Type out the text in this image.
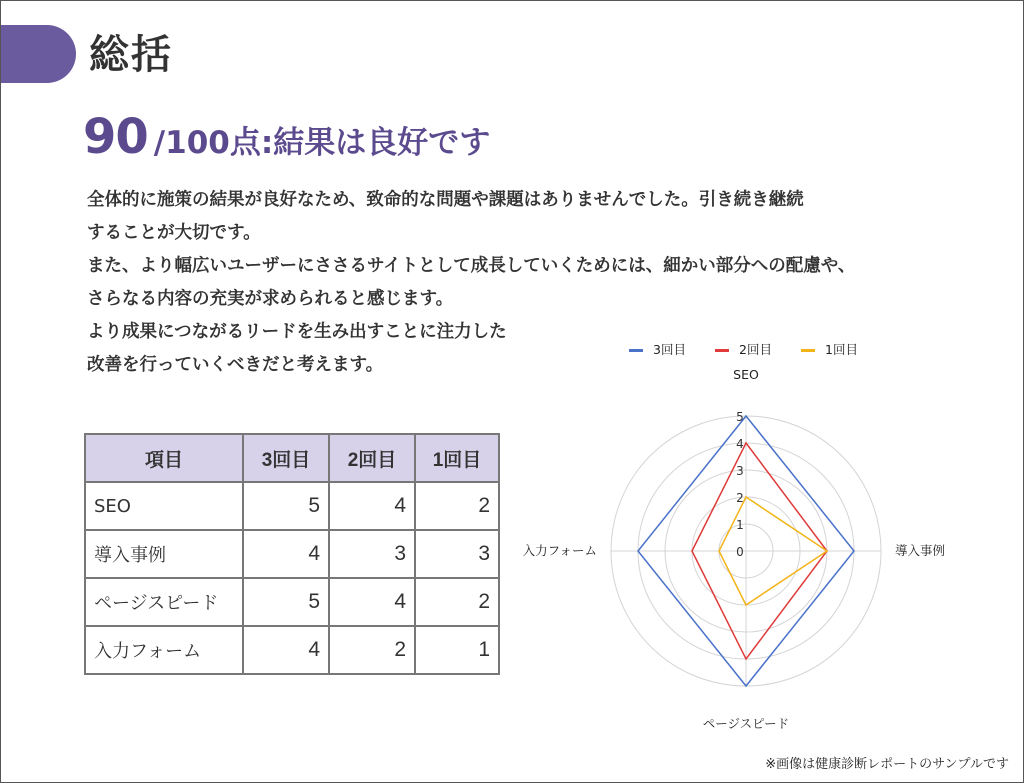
総括
90 /100点:結果は良好です

全体的に施策の結果が良好なため、致命的な問題や課題はありませんでした。引き続き継続

することが大切です。

また、より幅広いユーザーにささるサイトとして成長していくためには、細かい部分への配慮や、

さらなる内容の充実が求められると感じます。

より成果につながるリードを生み出すことに注力した

改善を行っていくべきだと考えます。

項目	3回目	2回目	1回目
SEO	5	4	2
導入事例	4	3	3
ページスピード	5	4	2
入力フォーム	4	2	1
0
1
2
3
4
5
SEO
導入事例
ページスピード
入力フォーム
3回目	2回目	1回目
※画像は健康診断レポートのサンプルです
